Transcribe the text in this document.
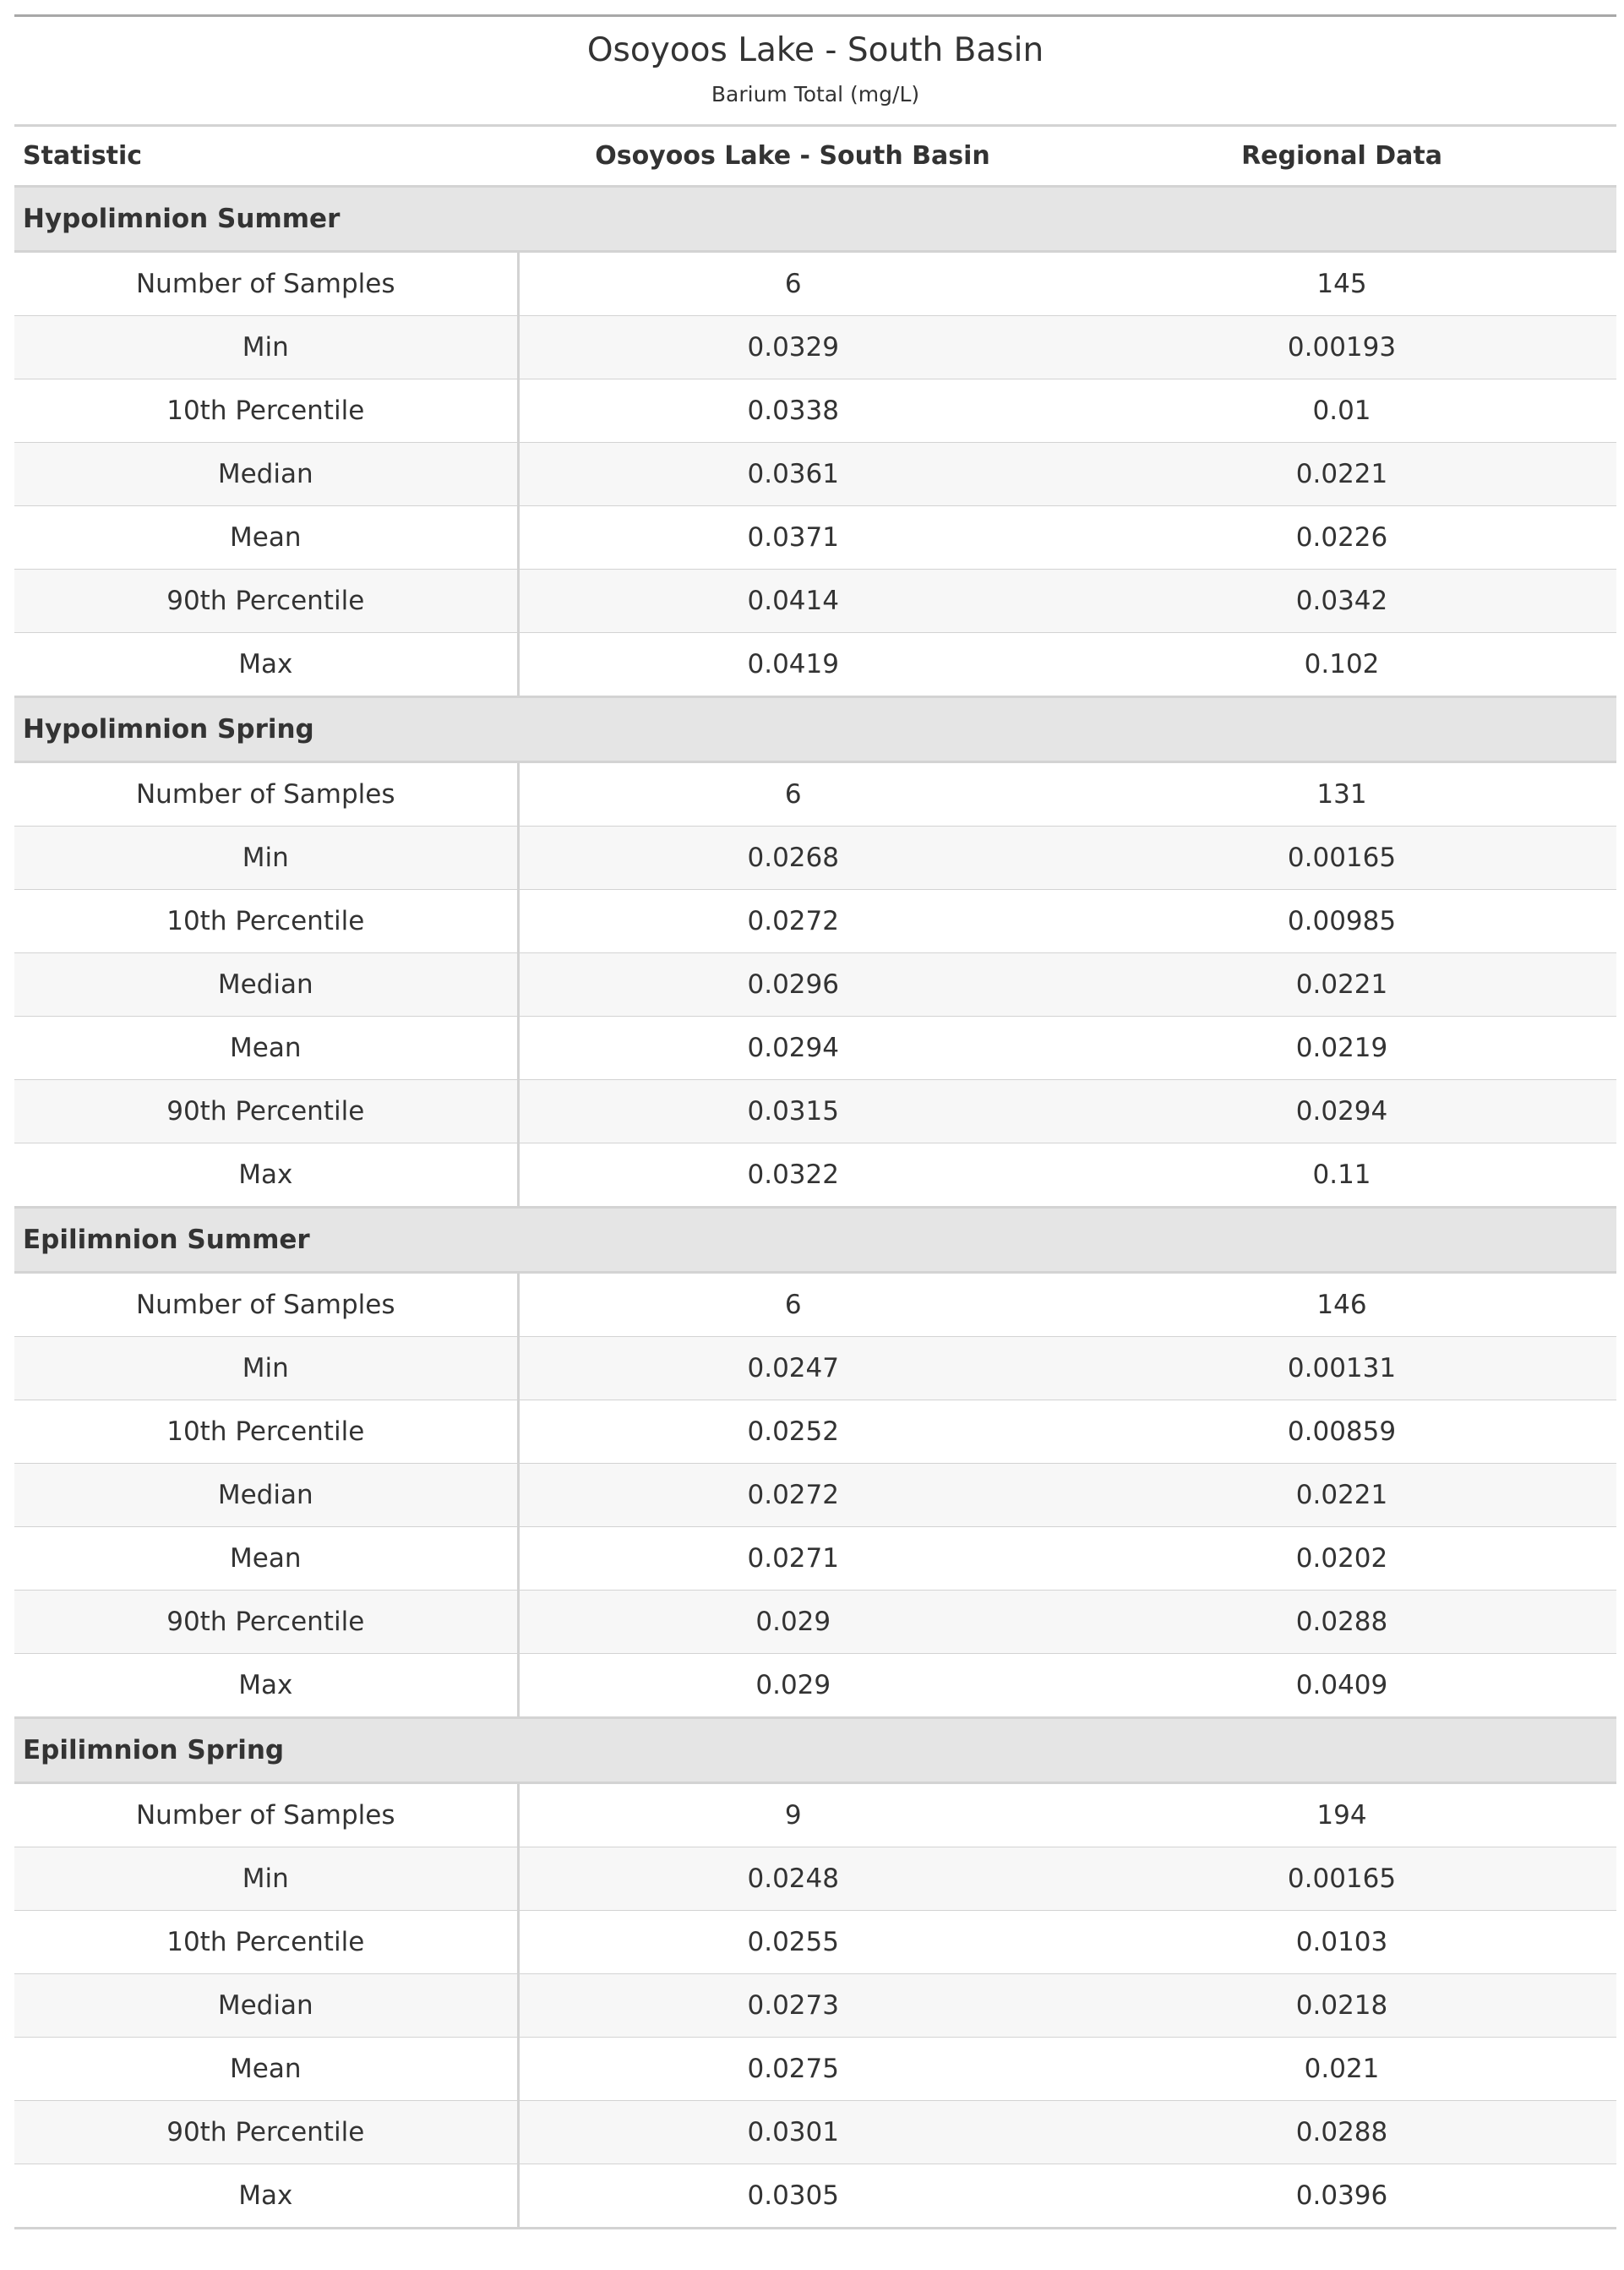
Osoyoos Lake - South Basin		

Barium Total (mg/L)		
Statistic	Osoyoos Lake - South Basin	Regional Data
Hypolimnion Summer		
Number of Samples	6	145
Min	0.0329	0.00193
10th Percentile	0.0338	0.01
Median	0.0361	0.0221
Mean	0.0371	0.0226
90th Percentile	0.0414	0.0342
Max	0.0419	0.102
Hypolimnion Spring		
Number of Samples	6	131
Min	0.0268	0.00165
10th Percentile	0.0272	0.00985
Median	0.0296	0.0221
Mean	0.0294	0.0219
90th Percentile	0.0315	0.0294
Max	0.0322	0.11
Epilimnion Summer		
Number of Samples	6	146
Min	0.0247	0.00131
10th Percentile	0.0252	0.00859
Median	0.0272	0.0221
Mean	0.0271	0.0202
90th Percentile	0.029	0.0288
Max	0.029	0.0409
Epilimnion Spring		
Number of Samples	9	194
Min	0.0248	0.00165
10th Percentile	0.0255	0.0103
Median	0.0273	0.0218
Mean	0.0275	0.021
90th Percentile	0.0301	0.0288
Max	0.0305	0.0396
